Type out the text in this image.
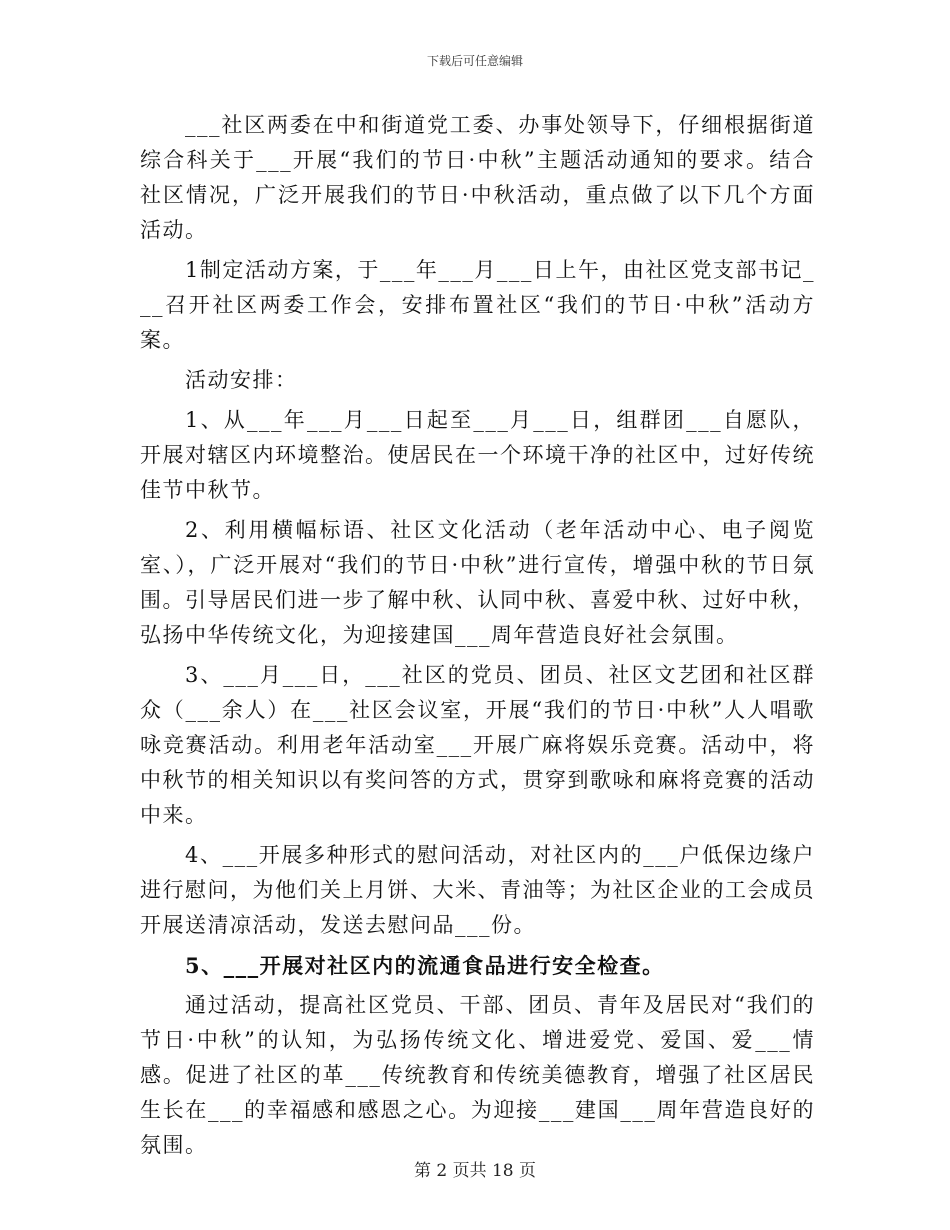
下载后可任意编辑

___社区两委在中和街道党工委、办事处领导下，仔细根据街道综合科关于___开展“我们的节日·中秋”主题活动通知的要求。结合社区情况，广泛开展我们的节日·中秋活动，重点做了以下几个方面活动。

1制定活动方案，于___年___月___日上午，由社区党支部书记___召开社区两委工作会，安排布置社区“我们的节日·中秋”活动方案。

活动安排：

1、从___年___月___日起至___月___日，组群团___自愿队，开展对辖区内环境整治。使居民在一个环境干净的社区中，过好传统佳节中秋节。

2、利用横幅标语、社区文化活动（老年活动中心、电子阅览室、），广泛开展对“我们的节日·中秋”进行宣传，增强中秋的节日氛围。引导居民们进一步了解中秋、认同中秋、喜爱中秋、过好中秋，弘扬中华传统文化，为迎接建国___周年营造良好社会氛围。

3、___月___日，___社区的党员、团员、社区文艺团和社区群众（___余人）在___社区会议室，开展“我们的节日·中秋”人人唱歌咏竞赛活动。利用老年活动室___开展广麻将娱乐竞赛。活动中，将中秋节的相关知识以有奖问答的方式，贯穿到歌咏和麻将竞赛的活动中来。

4、___开展多种形式的慰问活动，对社区内的___户低保边缘户进行慰问，为他们关上月饼、大米、青油等；为社区企业的工会成员开展送清凉活动，发送去慰问品___份。

5、___开展对社区内的流通食品进行安全检查。

通过活动，提高社区党员、干部、团员、青年及居民对“我们的节日·中秋”的认知，为弘扬传统文化、增进爱党、爱国、爱___情感。促进了社区的革___传统教育和传统美德教育，增强了社区居民生长在___的幸福感和感恩之心。为迎接___建国___周年营造良好的氛围。

第 2 页共 18 页
